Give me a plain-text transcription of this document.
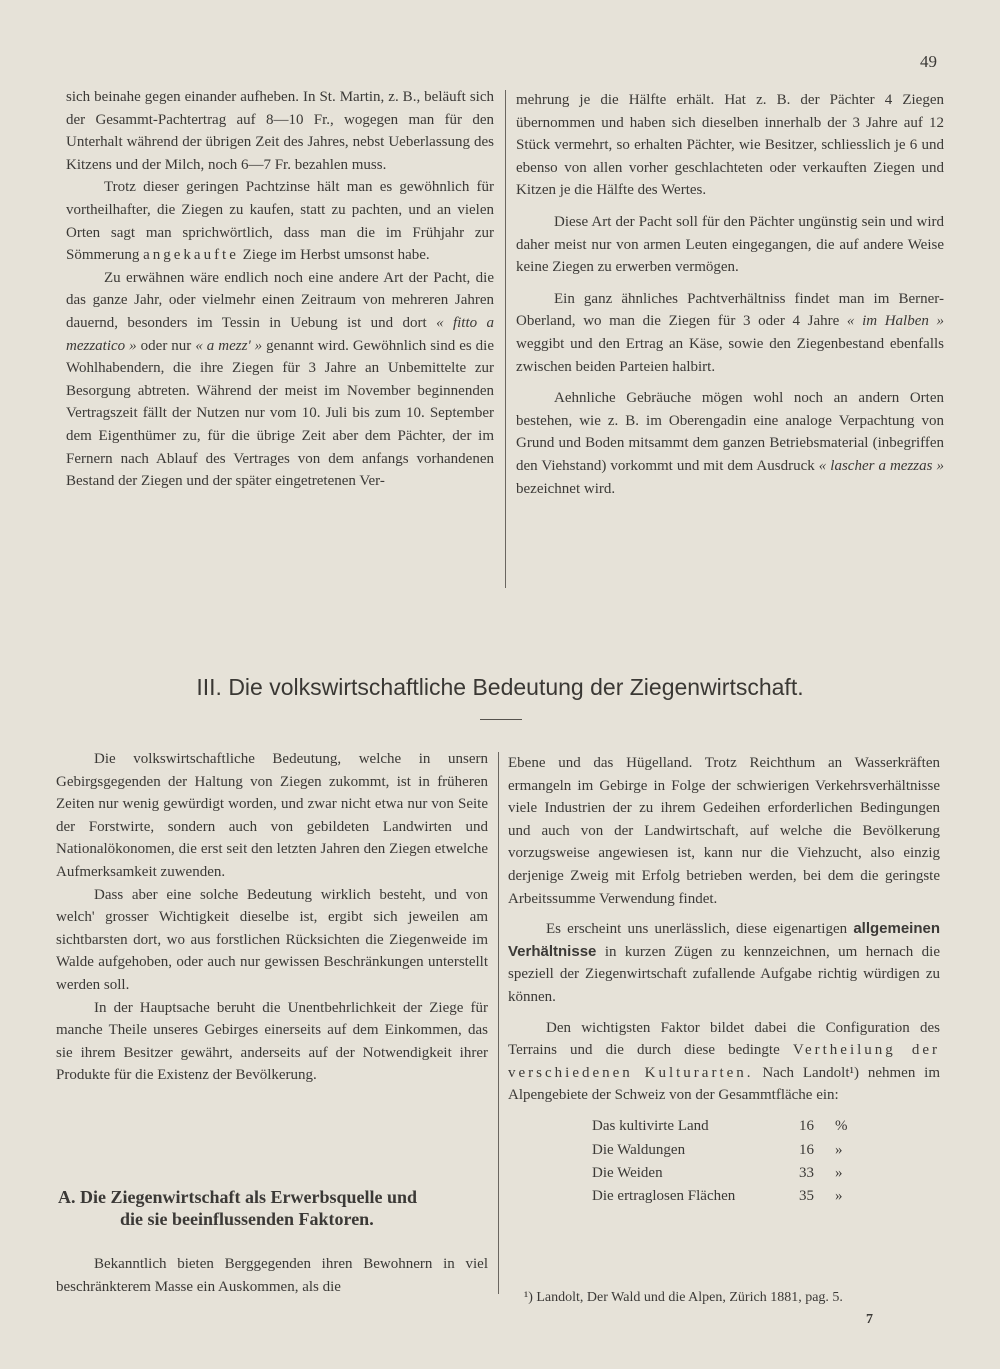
49

sich beinahe gegen einander aufheben. In St. Martin, z. B., beläuft sich der Gesammt-Pachtertrag auf 8—10 Fr., wogegen man für den Unterhalt während der übrigen Zeit des Jahres, nebst Ueberlassung des Kitzens und der Milch, noch 6—7 Fr. bezahlen muss.

Trotz dieser geringen Pachtzinse hält man es gewöhnlich für vortheilhafter, die Ziegen zu kaufen, statt zu pachten, und an vielen Orten sagt man sprichwörtlich, dass man die im Frühjahr zur Sömmerung angekaufte Ziege im Herbst umsonst habe.

Zu erwähnen wäre endlich noch eine andere Art der Pacht, die das ganze Jahr, oder vielmehr einen Zeitraum von mehreren Jahren dauernd, besonders im Tessin in Uebung ist und dort « fitto a mezzatico » oder nur « a mezz' » genannt wird. Gewöhnlich sind es die Wohlhabendern, die ihre Ziegen für 3 Jahre an Unbemittelte zur Besorgung abtreten. Während der meist im November beginnenden Vertragszeit fällt der Nutzen nur vom 10. Juli bis zum 10. September dem Eigenthümer zu, für die übrige Zeit aber dem Pächter, der im Fernern nach Ablauf des Vertrages von dem anfangs vorhandenen Bestand der Ziegen und der später eingetretenen Ver-

mehrung je die Hälfte erhält. Hat z. B. der Pächter 4 Ziegen übernommen und haben sich dieselben innerhalb der 3 Jahre auf 12 Stück vermehrt, so erhalten Pächter, wie Besitzer, schliesslich je 6 und ebenso von allen vorher geschlachteten oder verkauften Ziegen und Kitzen je die Hälfte des Wertes.

Diese Art der Pacht soll für den Pächter ungünstig sein und wird daher meist nur von armen Leuten eingegangen, die auf andere Weise keine Ziegen zu erwerben vermögen.

Ein ganz ähnliches Pachtverhältniss findet man im Berner-Oberland, wo man die Ziegen für 3 oder 4 Jahre « im Halben » weggibt und den Ertrag an Käse, sowie den Ziegenbestand ebenfalls zwischen beiden Parteien halbirt.

Aehnliche Gebräuche mögen wohl noch an andern Orten bestehen, wie z. B. im Oberengadin eine analoge Verpachtung von Grund und Boden mitsammt dem ganzen Betriebsmaterial (inbegriffen den Viehstand) vorkommt und mit dem Ausdruck « lascher a mezzas » bezeichnet wird.

III. Die volkswirtschaftliche Bedeutung der Ziegenwirtschaft.

Die volkswirtschaftliche Bedeutung, welche in unsern Gebirgsgegenden der Haltung von Ziegen zukommt, ist in früheren Zeiten nur wenig gewürdigt worden, und zwar nicht etwa nur von Seite der Forstwirte, sondern auch von gebildeten Landwirten und Nationalökonomen, die erst seit den letzten Jahren den Ziegen etwelche Aufmerksamkeit zuwenden.

Dass aber eine solche Bedeutung wirklich besteht, und von welch' grosser Wichtigkeit dieselbe ist, ergibt sich jeweilen am sichtbarsten dort, wo aus forstlichen Rücksichten die Ziegenweide im Walde aufgehoben, oder auch nur gewissen Beschränkungen unterstellt werden soll.

In der Hauptsache beruht die Unentbehrlichkeit der Ziege für manche Theile unseres Gebirges einerseits auf dem Einkommen, das sie ihrem Besitzer gewährt, anderseits auf der Notwendigkeit ihrer Produkte für die Existenz der Bevölkerung.

A. Die Ziegenwirtschaft als Erwerbsquelle und
die sie beeinflussenden Faktoren.

Bekanntlich bieten Berggegenden ihren Bewohnern in viel beschränkterem Masse ein Auskommen, als die

Ebene und das Hügelland. Trotz Reichthum an Wasserkräften ermangeln im Gebirge in Folge der schwierigen Verkehrsverhältnisse viele Industrien der zu ihrem Gedeihen erforderlichen Bedingungen und auch von der Landwirtschaft, auf welche die Bevölkerung vorzugsweise angewiesen ist, kann nur die Viehzucht, also einzig derjenige Zweig mit Erfolg betrieben werden, bei dem die geringste Arbeitssumme Verwendung findet.

Es erscheint uns unerlässlich, diese eigenartigen allgemeinen Verhältnisse in kurzen Zügen zu kennzeichnen, um hernach die speziell der Ziegenwirtschaft zufallende Aufgabe richtig würdigen zu können.

Den wichtigsten Faktor bildet dabei die Configuration des Terrains und die durch diese bedingte Vertheilung der verschiedenen Kulturarten. Nach Landolt¹) nehmen im Alpengebiete der Schweiz von der Gesammtfläche ein:

Das kultivirte Land	16	%
Die Waldungen	16	»
Die Weiden	33	»
Die ertraglosen Flächen	35	»
¹) Landolt, Der Wald und die Alpen, Zürich 1881, pag. 5.
7
